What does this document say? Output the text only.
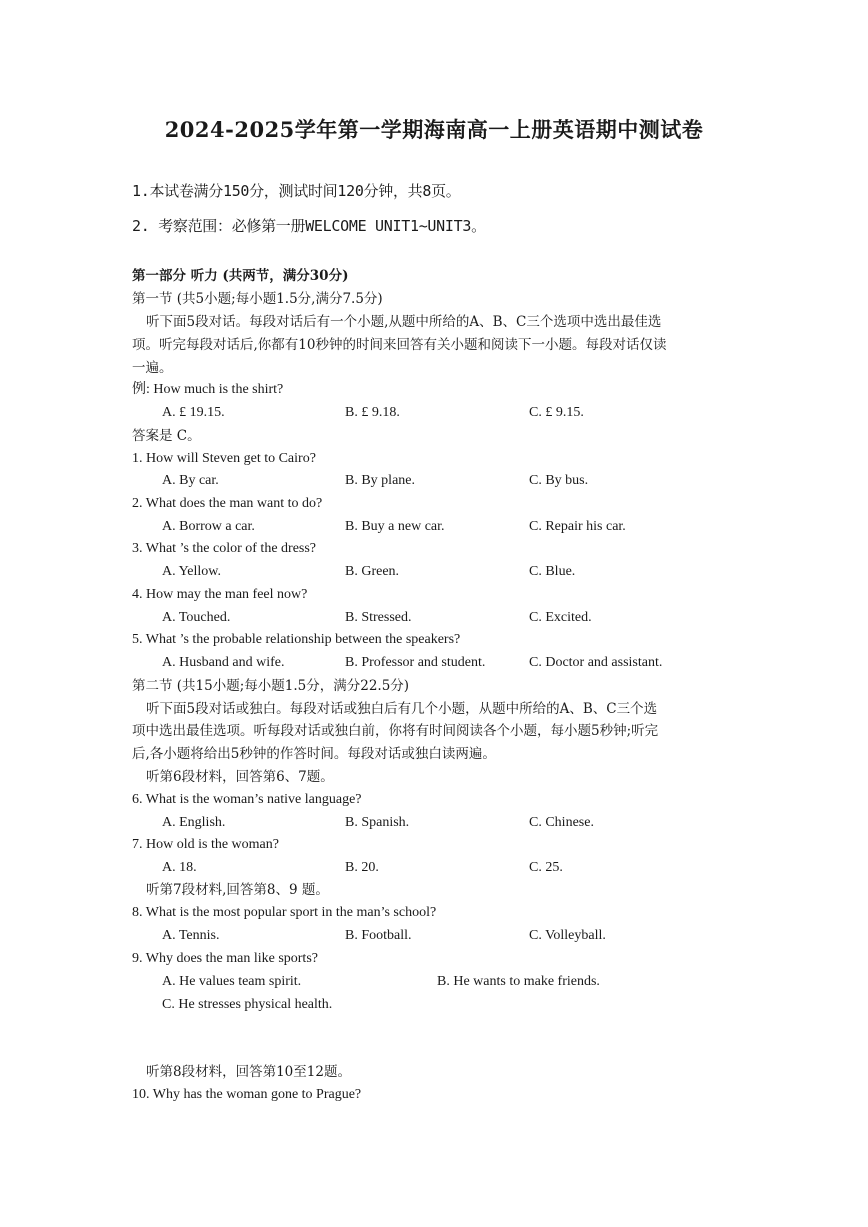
2024-2025学年第一学期海南高一上册英语期中测试卷
1.本试卷满分150分，测试时间120分钟，共8页。
2. 考察范围：必修第一册WELCOME UNIT1~UNIT3。
第一部分 听力 (共两节，满分30分)
第一节 (共5小题;每小题1.5分,满分7.5分)
听下面5段对话。每段对话后有一个小题,从题中所给的A、B、C三个选项中选出最佳选
项。听完每段对话后,你都有10秒钟的时间来回答有关小题和阅读下一小题。每段对话仅读
一遍。
例: How much is the shirt?
A. £ 19.15.	B. £ 9.18.	C. £ 9.15.
答案是 C。
1. How will Steven get to Cairo?
A. By car.	B. By plane.	C. By bus.
2. What does the man want to do?
A. Borrow a car.	B. Buy a new car.	C. Repair his car.
3. What ’s the color of the dress?
A. Yellow.	B. Green.	C. Blue.
4. How may the man feel now?
A. Touched.	B. Stressed.	C. Excited.
5. What ’s the probable relationship between the speakers?
A. Husband and wife.	B. Professor and student.	C. Doctor and assistant.
第二节 (共15小题;每小题1.5分，满分22.5分)
听下面5段对话或独白。每段对话或独白后有几个小题，从题中所给的A、B、C三个选
项中选出最佳选项。听每段对话或独白前，你将有时间阅读各个小题，每小题5秒钟;听完
后,各小题将给出5秒钟的作答时间。每段对话或独白读两遍。
听第6段材料，回答第6、7题。
6. What is the woman’s native language?
A. English.	B. Spanish.	C. Chinese.
7. How old is the woman?
A. 18.	B. 20.	C. 25.
听第7段材料,回答第8、9 题。
8. What is the most popular sport in the man’s school?
A. Tennis.	B. Football.	C. Volleyball.
9. Why does the man like sports?
A. He values team spirit.	B. He wants to make friends.
C. He stresses physical health.
听第8段材料，回答第10至12题。
10. Why has the woman gone to Prague?
